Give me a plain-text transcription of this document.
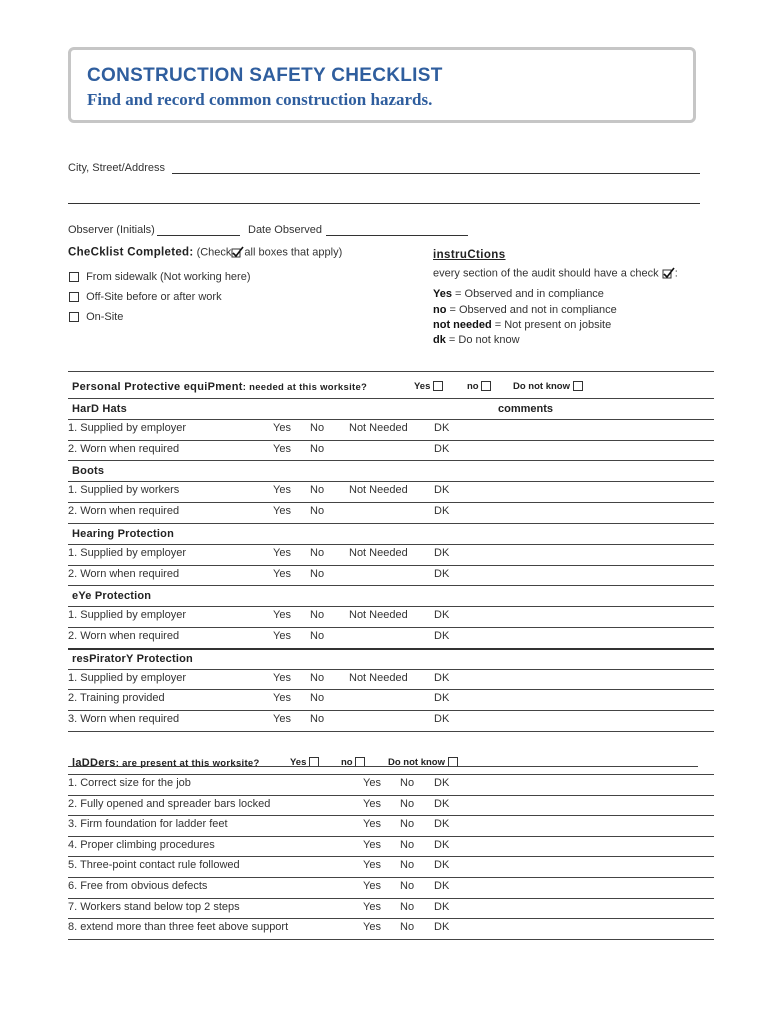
CONSTRUCTION SAFETY CHECKLIST
Find and record common construction hazards.
City, Street/Address
Observer (Initials)	Date Observed
CheCklist Completed: (Check all boxes that apply)
From sidewalk (Not working here)
Off-Site before or after work
On-Site
instruCtions
every section of the audit should have a check :
Yes = Observed and in compliance
no = Observed and not in compliance
not needed = Not present on jobsite
dk = Do not know
Personal Protective equiPment: needed at this worksite?	Yes	no	Do not know
HarD Hats	comments
1. Supplied by employer	Yes No Not Needed DK
2. Worn when required	Yes No	DK
Boots
1. Supplied by workers	Yes No Not Needed DK
2. Worn when required	Yes No	DK
Hearing Protection
1. Supplied by employer	Yes No Not Needed DK
2. Worn when required	Yes No	DK
eYe Protection
1. Supplied by employer	Yes No Not Needed DK
2. Worn when required	Yes No	DK
resPiratorY Protection
1. Supplied by employer	Yes No Not Needed DK
2. Training provided	Yes No	DK
3. Worn when required	Yes No	DK
laDDers: are present at this worksite?	Yes	no	Do not know
1. Correct size for the job	Yes No DK
2. Fully opened and spreader bars locked	Yes No DK
3. Firm foundation for ladder feet	Yes No DK
4. Proper climbing procedures	Yes No DK
5. Three-point contact rule followed	Yes No DK
6. Free from obvious defects	Yes No DK
7. Workers stand below top 2 steps	Yes No DK
8. extend more than three feet above support	Yes No DK
